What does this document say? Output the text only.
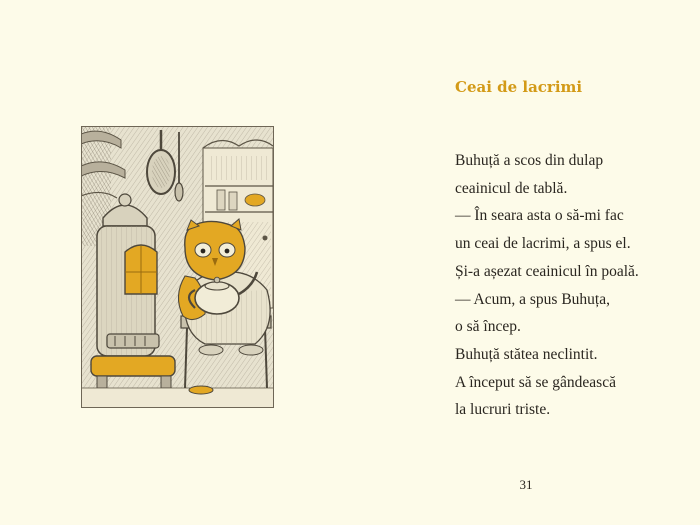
Ceai de lacrimi
Buhuță a scos din dulap
ceainicul de tablă.
— În seara asta o să-mi fac
un ceai de lacrimi, a spus el.
Și-a așezat ceainicul în poală.
— Acum, a spus Buhuța,
o să încep.
Buhuță stătea neclintit.
A început să se gândească
la lucruri triste.
31
